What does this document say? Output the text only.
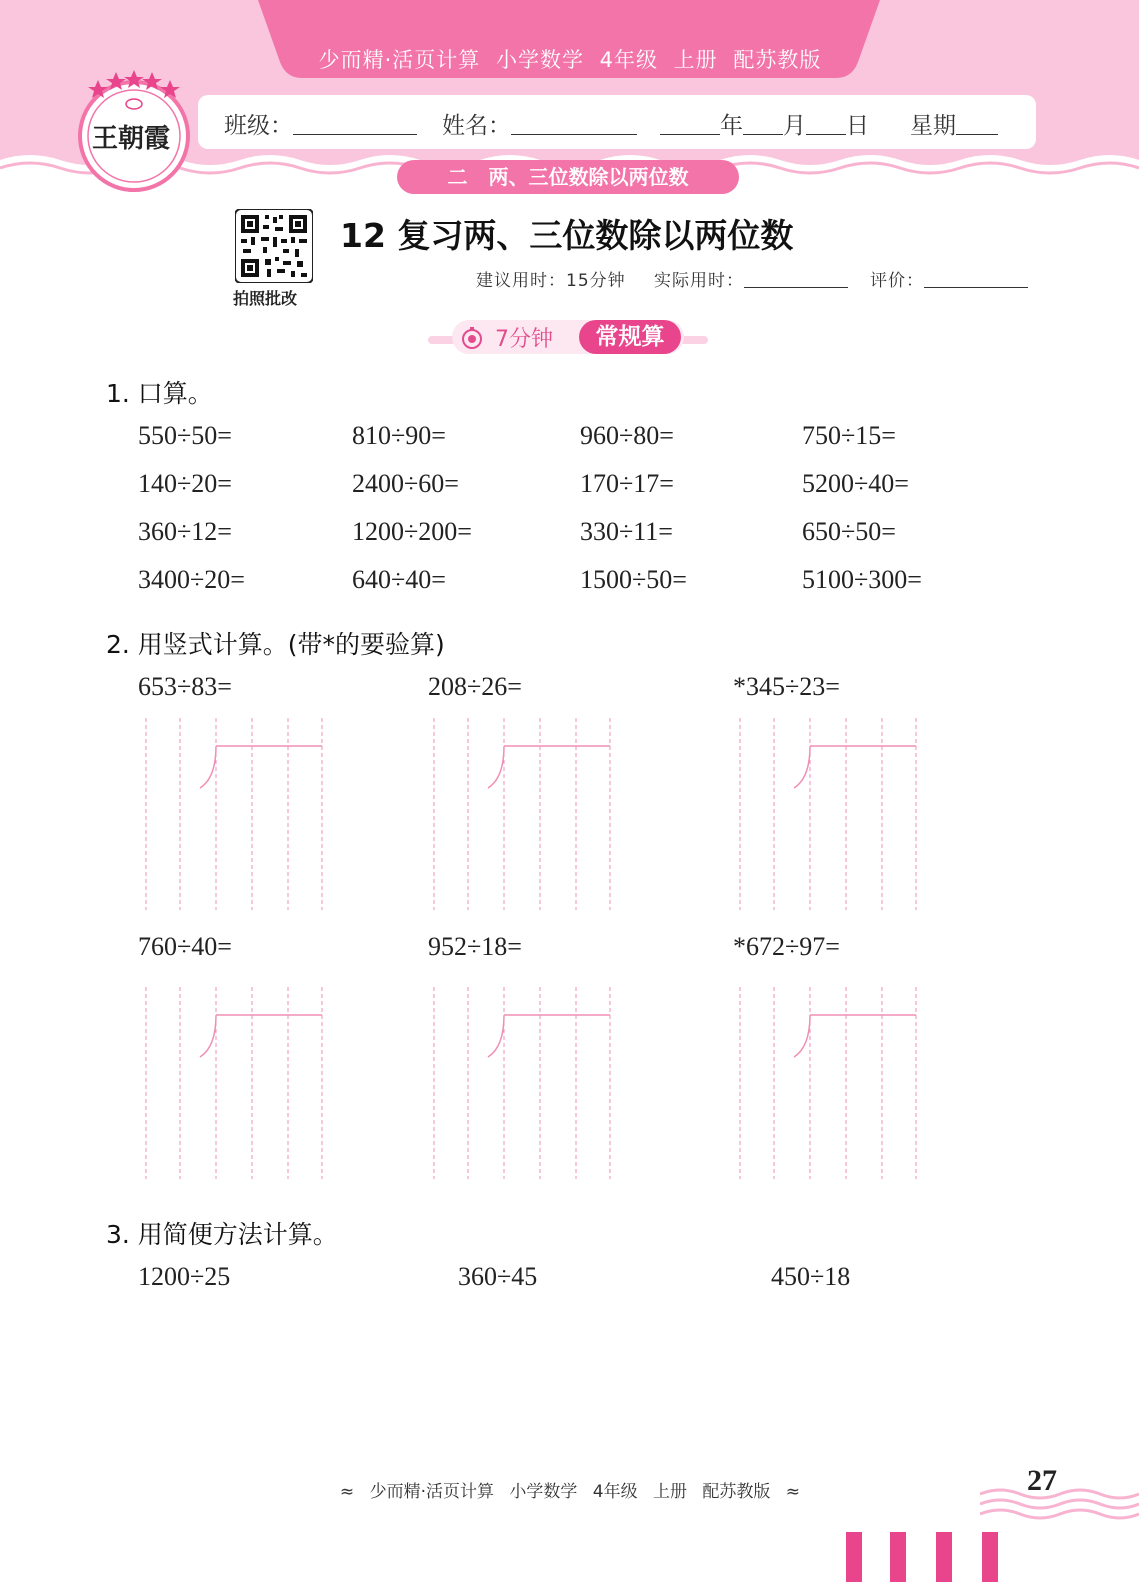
少而精·活页计算 小学数学 4年级 上册 配苏教版
王朝霞 班级：	姓名：	年 月 日 星期
二 两、三位数除以两位数
拍照批改
12 复习两、三位数除以两位数
建议用时：15分钟 实际用时：	评价：
7分钟	常规算
1. 口算。
550÷50=	810÷90=	960÷80=	750÷15=
140÷20=	2400÷60=	170÷17=	5200÷40=
360÷12=	1200÷200=	330÷11=	650÷50=
3400÷20=	640÷40=	1500÷50=	5100÷300=
2. 用竖式计算。(带*的要验算)
653÷83=	208÷26=	*345÷23=
760÷40=	952÷18=	*672÷97=
3. 用简便方法计算。
1200÷25	360÷45	450÷18
≈ 少而精·活页计算 小学数学 4年级 上册 配苏教版 ≈	27
